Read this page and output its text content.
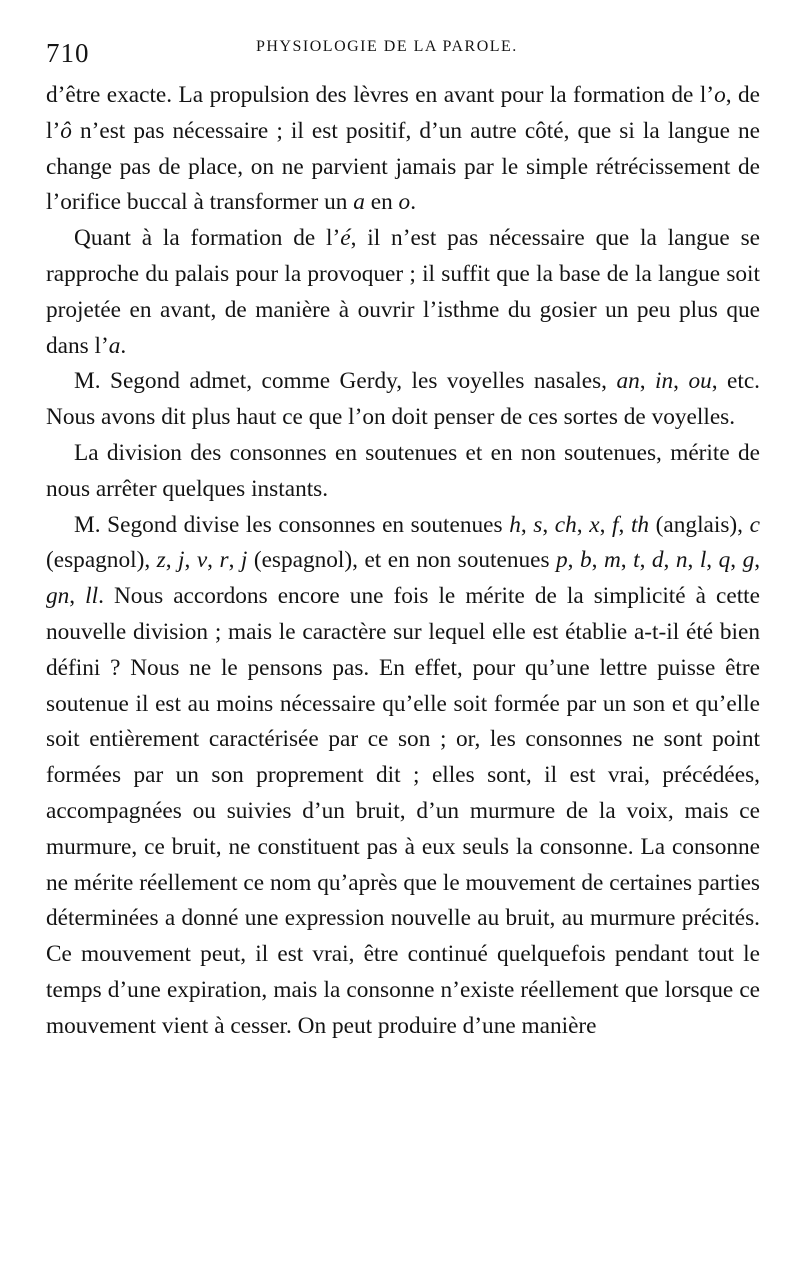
710	PHYSIOLOGIE DE LA PAROLE.

d’être exacte. La propulsion des lèvres en avant pour la formation de l’o, de l’ô n’est pas nécessaire ; il est positif, d’un autre côté, que si la langue ne change pas de place, on ne parvient jamais par le simple rétrécissement de l’orifice buccal à transformer un a en o.

Quant à la formation de l’é, il n’est pas nécessaire que la langue se rapproche du palais pour la provoquer ; il suffit que la base de la langue soit projetée en avant, de manière à ouvrir l’isthme du gosier un peu plus que dans l’a.

M. Segond admet, comme Gerdy, les voyelles nasales, an, in, ou, etc. Nous avons dit plus haut ce que l’on doit penser de ces sortes de voyelles.

La division des consonnes en soutenues et en non soutenues, mérite de nous arrêter quelques instants.

M. Segond divise les consonnes en soutenues h, s, ch, x, f, th (anglais), c (espagnol), z, j, v, r, j (espagnol), et en non soutenues p, b, m, t, d, n, l, q, g, gn, ll. Nous accordons encore une fois le mérite de la simplicité à cette nouvelle division ; mais le caractère sur lequel elle est établie a-t-il été bien défini ? Nous ne le pensons pas. En effet, pour qu’une lettre puisse être soutenue il est au moins nécessaire qu’elle soit formée par un son et qu’elle soit entièrement caractérisée par ce son ; or, les consonnes ne sont point formées par un son proprement dit ; elles sont, il est vrai, précédées, accompagnées ou suivies d’un bruit, d’un murmure de la voix, mais ce murmure, ce bruit, ne constituent pas à eux seuls la consonne. La consonne ne mérite réellement ce nom qu’après que le mouvement de certaines parties déterminées a donné une expression nouvelle au bruit, au murmure précités. Ce mouvement peut, il est vrai, être continué quelquefois pendant tout le temps d’une expiration, mais la consonne n’existe réellement que lorsque ce mouvement vient à cesser. On peut produire d’une manière
